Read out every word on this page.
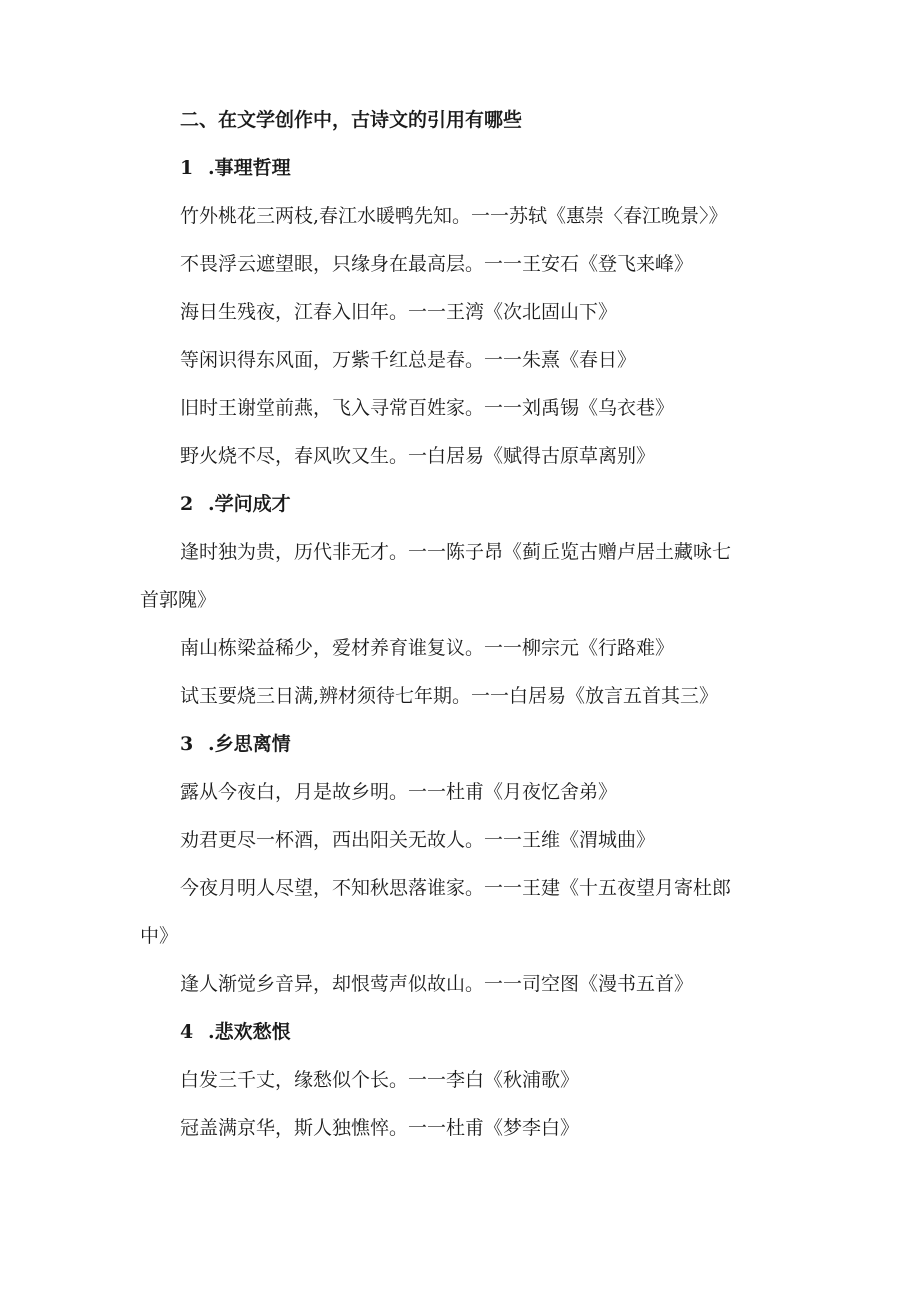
二、在文学创作中，古诗文的引用有哪些
1 .事理哲理
竹外桃花三两枝,春江水暖鸭先知。一一苏轼《惠崇〈春江晚景〉》
不畏浮云遮望眼，只缘身在最高层。一一王安石《登飞来峰》
海日生残夜，江春入旧年。一一王湾《次北固山下》
等闲识得东风面，万紫千红总是春。一一朱熹《春日》
旧时王谢堂前燕，飞入寻常百姓家。一一刘禹锡《乌衣巷》
野火烧不尽，春风吹又生。一白居易《赋得古原草离别》
2 .学问成才
逢时独为贵，历代非无才。一一陈子昂《蓟丘览古赠卢居土藏咏七
首郭隗》
南山栋梁益稀少，爱材养育谁复议。一一柳宗元《行路难》
试玉要烧三日满,辨材须待七年期。一一白居易《放言五首其三》
3 .乡思离情
露从今夜白，月是故乡明。一一杜甫《月夜忆舍弟》
劝君更尽一杯酒，西出阳关无故人。一一王维《渭城曲》
今夜月明人尽望，不知秋思落谁家。一一王建《十五夜望月寄杜郎
中》
逢人渐觉乡音异，却恨莺声似故山。一一司空图《漫书五首》
4 .悲欢愁恨
白发三千丈，缘愁似个长。一一李白《秋浦歌》
冠盖满京华，斯人独憔悴。一一杜甫《梦李白》
